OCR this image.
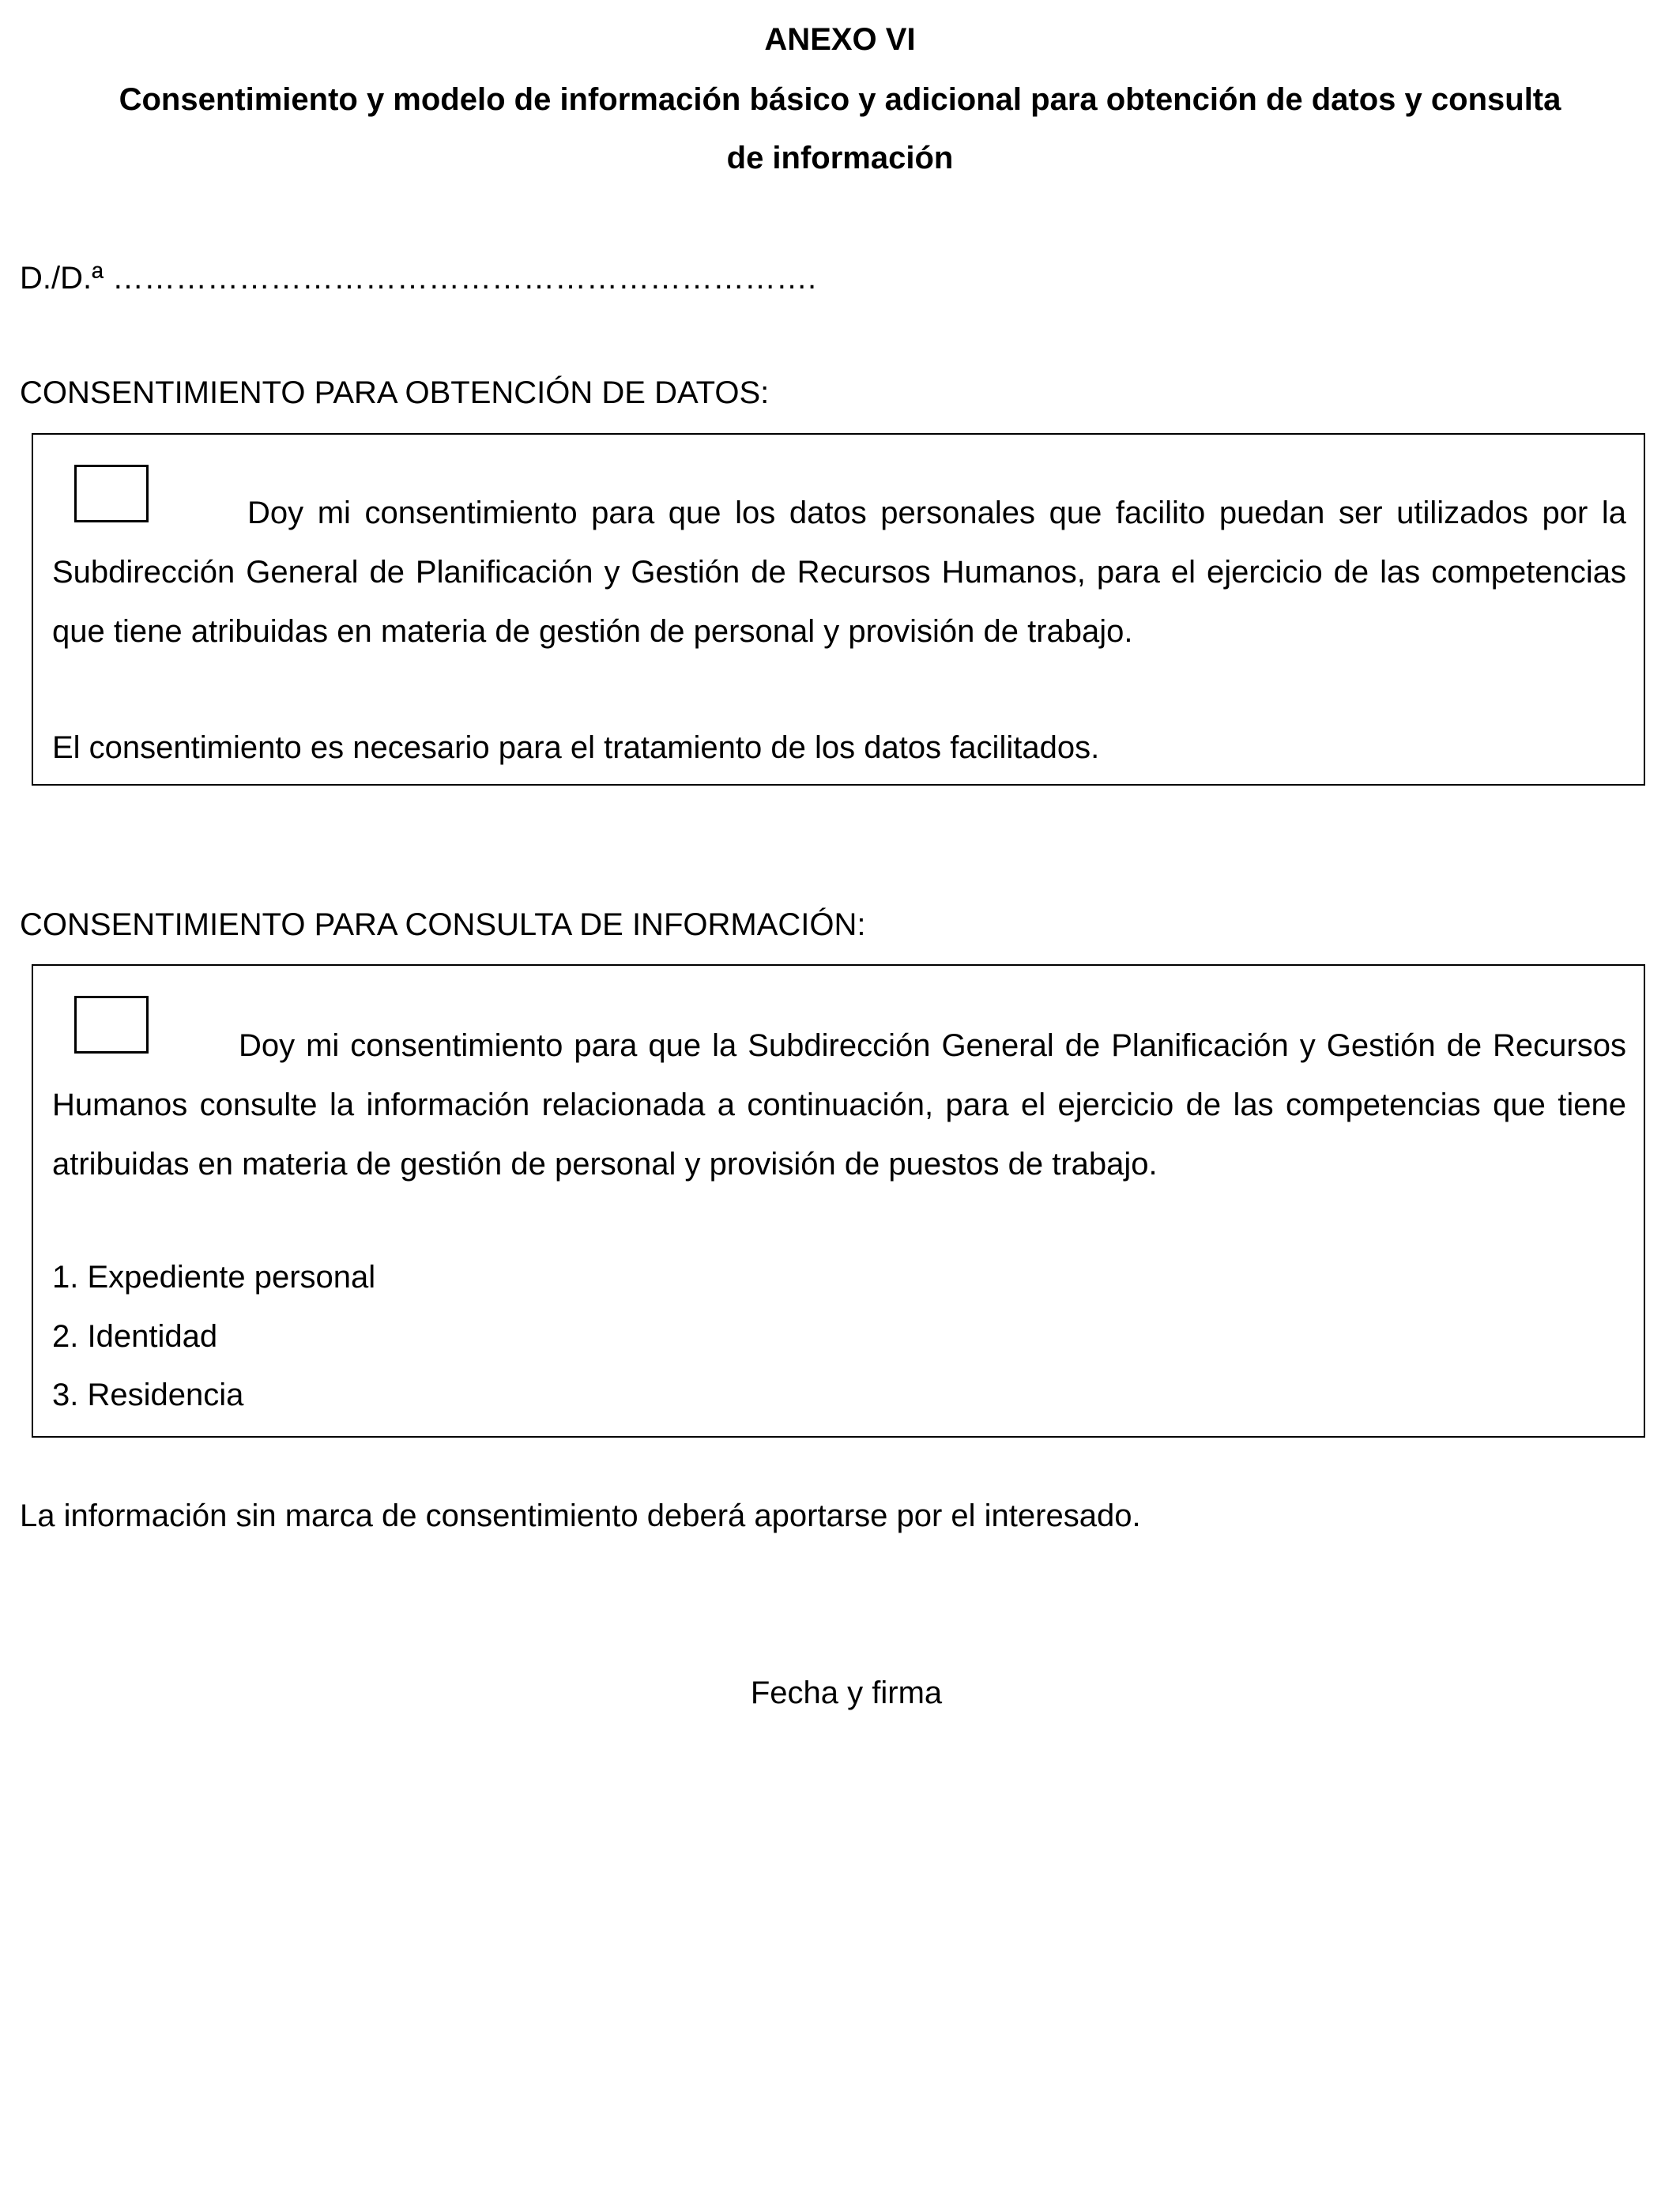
ANEXO VI
Consentimiento y modelo de información básico y adicional para obtención de datos y consulta
de información
D./D.ª ………………………………………………………….
CONSENTIMIENTO PARA OBTENCIÓN DE DATOS:
Doy mi consentimiento para que los datos personales que facilito puedan ser utilizados por la Subdirección General de Planificación y Gestión de Recursos Humanos, para el ejercicio de las competencias que tiene atribuidas en materia de gestión de personal y provisión de trabajo.
El consentimiento es necesario para el tratamiento de los datos facilitados.
CONSENTIMIENTO PARA CONSULTA DE INFORMACIÓN:
Doy mi consentimiento para que la Subdirección General de Planificación y Gestión de Recursos Humanos consulte la información relacionada a continuación, para el ejercicio de las competencias que tiene atribuidas en materia de gestión de personal y provisión de puestos de trabajo.
1. Expediente personal
2. Identidad
3. Residencia
La información sin marca de consentimiento deberá aportarse por el interesado.
Fecha y firma
